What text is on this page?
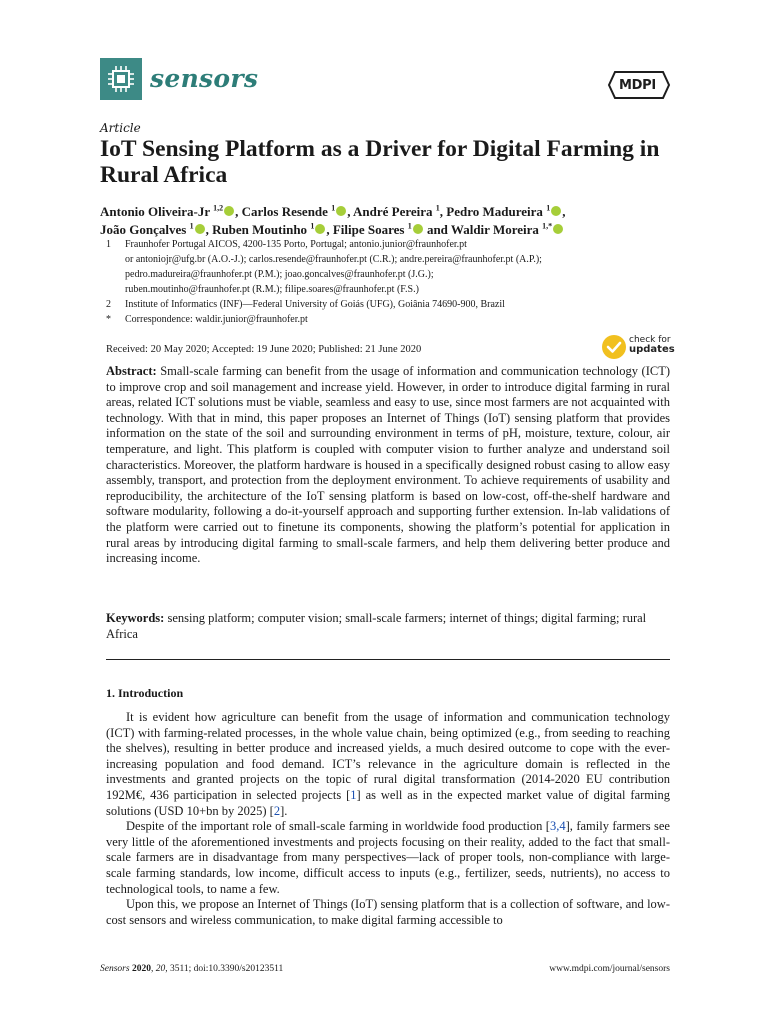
sensors	MDPI
Article
IoT Sensing Platform as a Driver for Digital Farming in Rural Africa
Antonio Oliveira-Jr $^{1,2}$ , Carlos Resende $^1$ , André Pereira $^1$, Pedro Madureira $^1$ ,
João Gonçalves $^1$ , Ruben Moutinho $^1$ , Filipe Soares $^1$ and Waldir Moreira $^{1,*}$
1 Fraunhofer Portugal AICOS, 4200-135 Porto, Portugal; antonio.junior@fraunhofer.pt
or antoniojr@ufg.br (A.O.-J.); carlos.resende@fraunhofer.pt (C.R.); andre.pereira@fraunhofer.pt (A.P.);
pedro.madureira@fraunhofer.pt (P.M.); joao.goncalves@fraunhofer.pt (J.G.);
ruben.moutinho@fraunhofer.pt (R.M.); filipe.soares@fraunhofer.pt (F.S.)
2 Institute of Informatics (INF)—Federal University of Goiás (UFG), Goiânia 74690-900, Brazil
* Correspondence: waldir.junior@fraunhofer.pt
Received: 20 May 2020; Accepted: 19 June 2020; Published: 21 June 2020
check for
updates
Abstract: Small-scale farming can benefit from the usage of information and communication technology (ICT) to improve crop and soil management and increase yield. However, in order to introduce digital farming in rural areas, related ICT solutions must be viable, seamless and easy to use, since most farmers are not acquainted with technology. With that in mind, this paper proposes an Internet of Things (IoT) sensing platform that provides information on the state of the soil and surrounding environment in terms of pH, moisture, texture, colour, air temperature, and light. This platform is coupled with computer vision to further analyze and understand soil characteristics. Moreover, the platform hardware is housed in a specifically designed robust casing to allow easy assembly, transport, and protection from the deployment environment. To achieve requirements of usability and reproducibility, the architecture of the IoT sensing platform is based on low-cost, off-the-shelf hardware and software modularity, following a do-it-yourself approach and supporting further extension. In-lab validations of the platform were carried out to finetune its components, showing the platform’s potential for application in rural areas by introducing digital farming to small-scale farmers, and help them delivering better produce and increasing income.
Keywords: sensing platform; computer vision; small-scale farmers; internet of things; digital farming; rural Africa
1. Introduction

It is evident how agriculture can benefit from the usage of information and communication technology (ICT) with farming-related processes, in the whole value chain, being optimized (e.g., from seeding to reaching the shelves), resulting in better produce and increased yields, a much desired outcome to cope with the ever-increasing population and food demand. ICT’s relevance in the agriculture domain is reflected in the investments and granted projects on the topic of rural digital transformation (2014-2020 EU contribution 192M€, 436 participation in selected projects [1] as well as in the expected market value of digital farming solutions (USD 10+bn by 2025) [2].

Despite of the important role of small-scale farming in worldwide food production [3,4], family farmers see very little of the aforementioned investments and projects focusing on their reality, added to the fact that small-scale farmers are in disadvantage from many perspectives—lack of proper tools, non-compliance with large-scale farming standards, low income, difficult access to inputs (e.g., fertilizer, seeds, nutrients), no access to technological tools, to name a few.

Upon this, we propose an Internet of Things (IoT) sensing platform that is a collection of software, and low-cost sensors and wireless communication, to make digital farming accessible to

Sensors 2020, 20, 3511; doi:10.3390/s20123511	www.mdpi.com/journal/sensors
